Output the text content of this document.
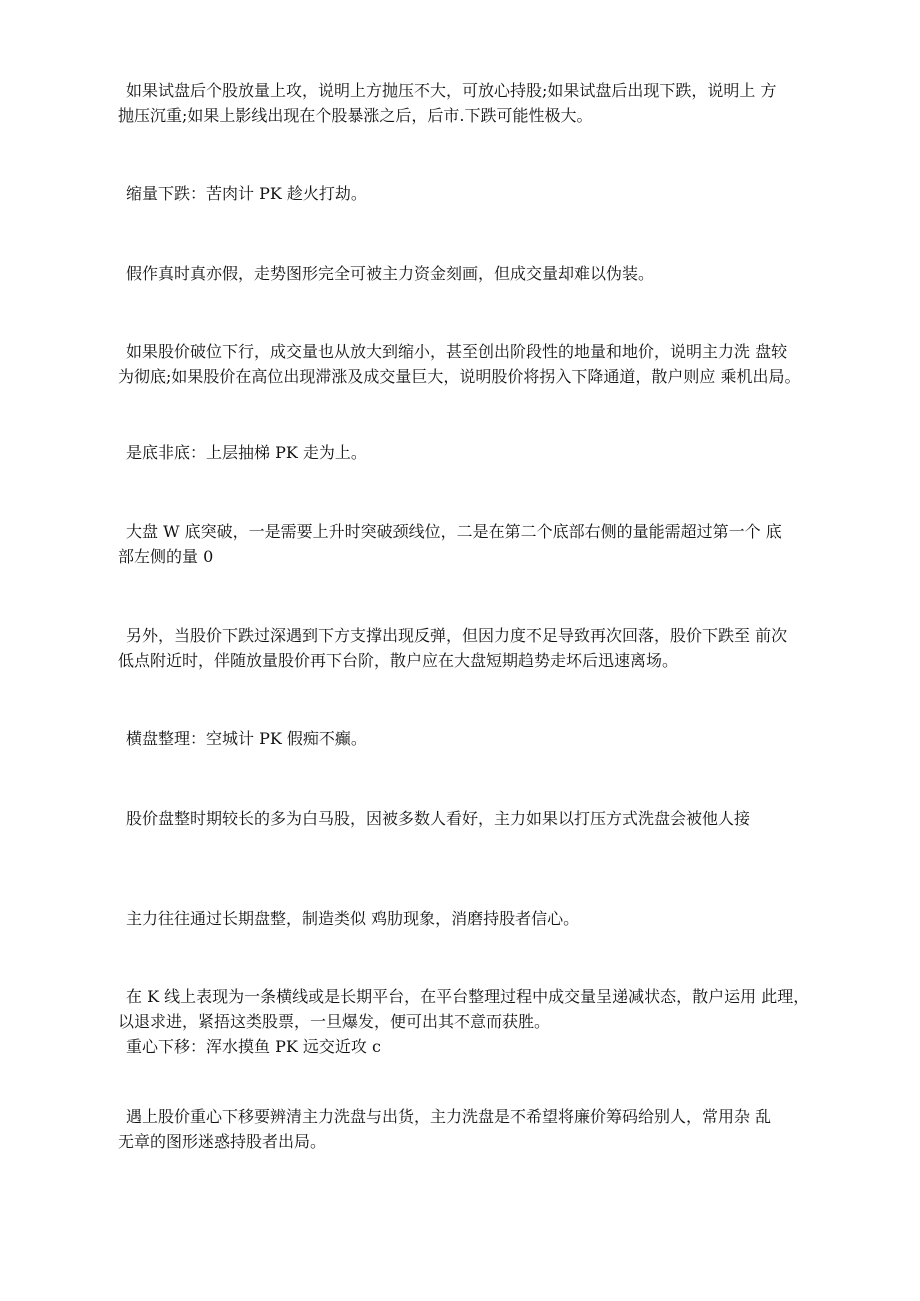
如果试盘后个股放量上攻，说明上方抛压不大，可放心持股;如果试盘后出现下跌，说明上 方
抛压沉重;如果上影线出现在个股暴涨之后，后市.下跌可能性极大。

缩量下跌：苦肉计 PK 趁火打劫。

假作真时真亦假，走势图形完全可被主力资金刻画，但成交量却难以伪装。

如果股价破位下行，成交量也从放大到缩小，甚至创出阶段性的地量和地价，说明主力洗 盘较
为彻底;如果股价在高位出现滞涨及成交量巨大，说明股价将拐入下降通道，散户则应 乘机出局。

是底非底：上层抽梯 PK 走为上。

大盘 W 底突破，一是需要上升时突破颈线位，二是在第二个底部右侧的量能需超过第一个 底
部左侧的量 0

另外，当股价下跌过深遇到下方支撑出现反弹，但因力度不足导致再次回落，股价下跌至 前次
低点附近时，伴随放量股价再下台阶，散户应在大盘短期趋势走坏后迅速离场。

横盘整理：空城计 PK 假痴不癫。

股价盘整时期较长的多为白马股，因被多数人看好，主力如果以打压方式洗盘会被他人接

主力往往通过长期盘整，制造类似 鸡肋现象，消磨持股者信心。

在 K 线上表现为一条横线或是长期平台，在平台整理过程中成交量呈递减状态，散户运用 此理，
以退求进，紧捂这类股票，一旦爆发，便可出其不意而获胜。
重心下移：浑水摸鱼 PK 远交近攻 c

遇上股价重心下移要辨清主力洗盘与出货，主力洗盘是不希望将廉价筹码给别人，常用杂 乱
无章的图形迷惑持股者出局。
